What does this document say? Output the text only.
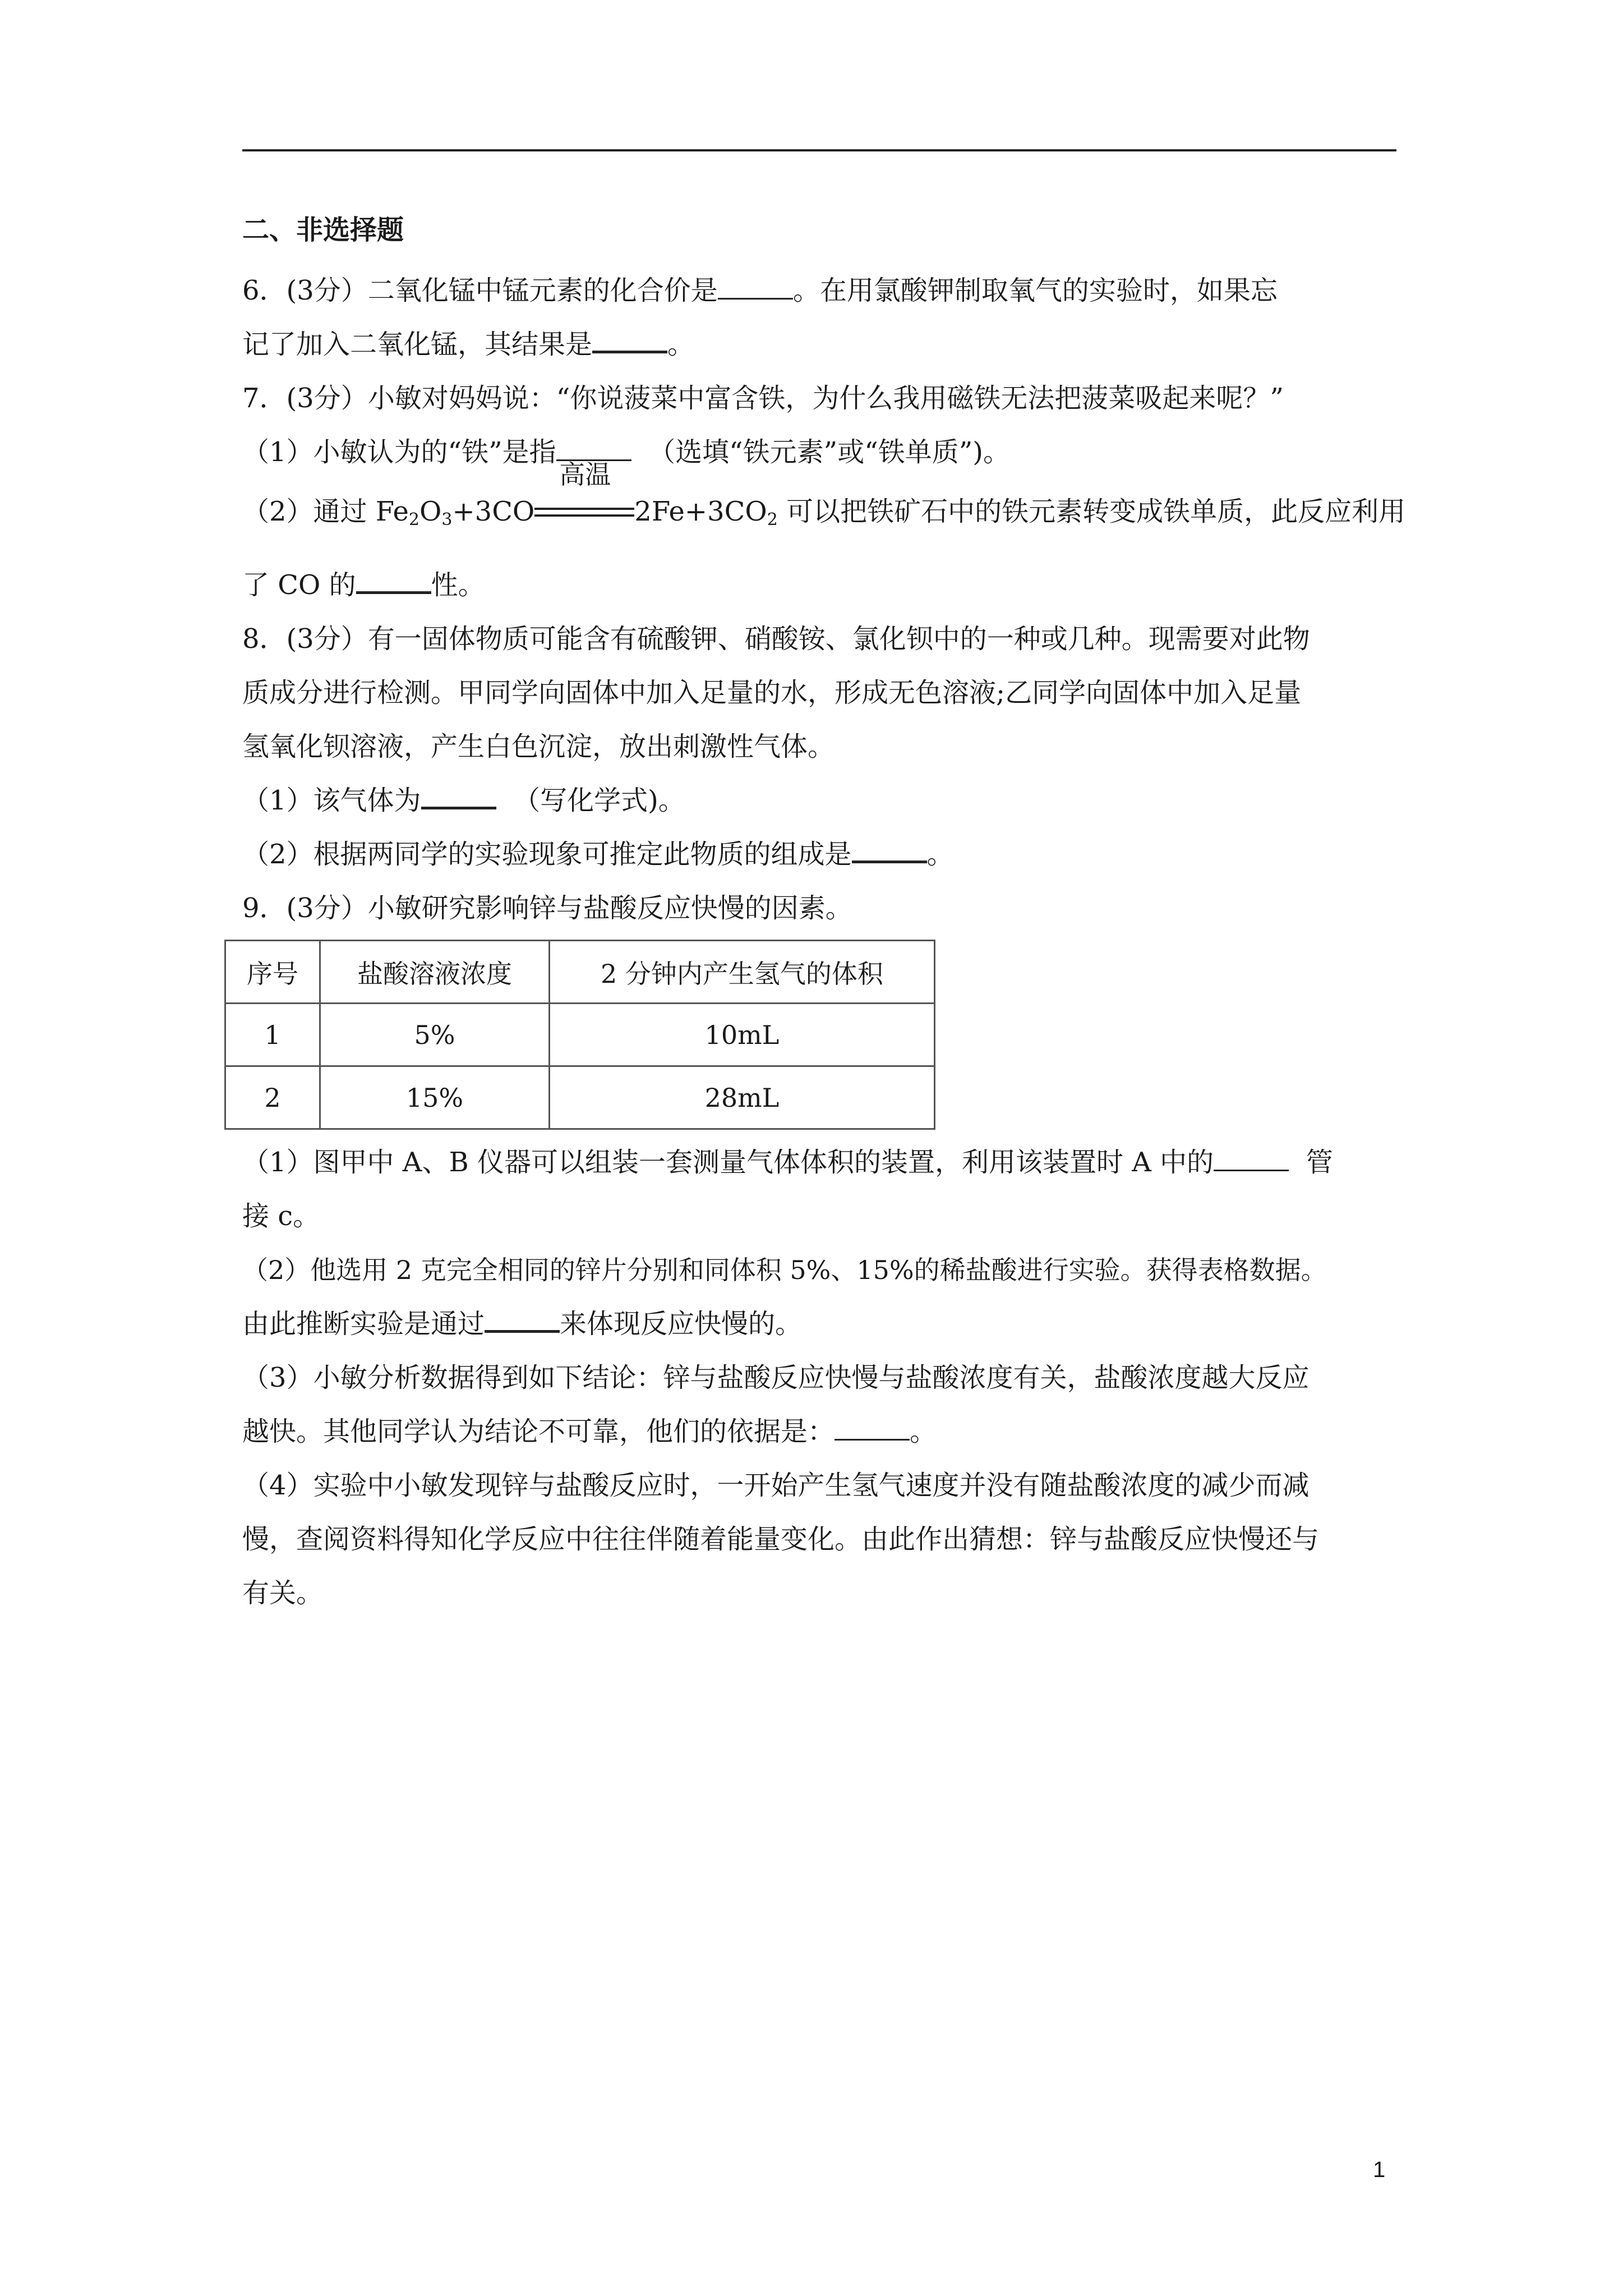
二、非选择题
6．(3分）二氧化锰中锰元素的化合价是	。在用氯酸钾制取氧气的实验时，如果忘
记了加入二氧化锰，其结果是	。
7．(3分）小敏对妈妈说：“你说菠菜中富含铁，为什么我用磁铁无法把菠菜吸起来呢？”
（1）小敏认为的“铁”是指	（选填“铁元素”或“铁单质”)。
（2）通过 $Fe_2O_3+3CO$
高温
$2Fe+3CO_2$ 可以把铁矿石中的铁元素转变成铁单质，此反应利用
了 CO 的	性。
8．(3分）有一固体物质可能含有硫酸钾、硝酸铵、氯化钡中的一种或几种。现需要对此物
质成分进行检测。甲同学向固体中加入足量的水，形成无色溶液;乙同学向固体中加入足量
氢氧化钡溶液，产生白色沉淀，放出刺激性气体。
（1）该气体为	（写化学式)。
（2）根据两同学的实验现象可推定此物质的组成是	。
9．(3分）小敏研究影响锌与盐酸反应快慢的因素。
序号	盐酸溶液浓度	2 分钟内产生氢气的体积
1	5%	10mL
2	15%	28mL
（1）图甲中 A、B 仪器可以组装一套测量气体体积的装置，利用该装置时 A 中的	管
接 c。
（2）他选用 2 克完全相同的锌片分别和同体积 5%、15%的稀盐酸进行实验。获得表格数据。
由此推断实验是通过	来体现反应快慢的。
（3）小敏分析数据得到如下结论：锌与盐酸反应快慢与盐酸浓度有关，盐酸浓度越大反应
越快。其他同学认为结论不可靠，他们的依据是：	。
（4）实验中小敏发现锌与盐酸反应时，一开始产生氢气速度并没有随盐酸浓度的减少而减
慢，查阅资料得知化学反应中往往伴随着能量变化。由此作出猜想：锌与盐酸反应快慢还与
有关。
1
